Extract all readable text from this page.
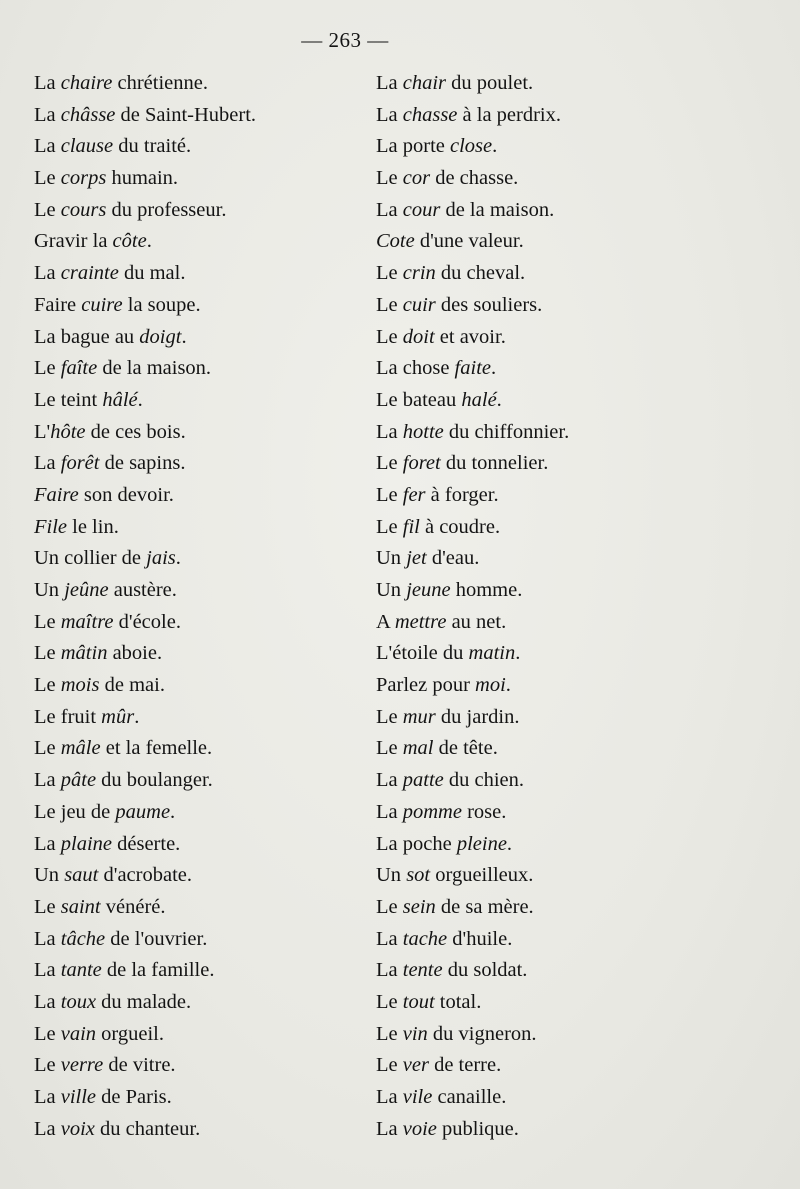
— 263 —
La chaire chrétienne.
La châsse de Saint-Hubert.
La clause du traité.
Le corps humain.
Le cours du professeur.
Gravir la côte.
La crainte du mal.
Faire cuire la soupe.
La bague au doigt.
Le faîte de la maison.
Le teint hâlé.
L'hôte de ces bois.
La forêt de sapins.
Faire son devoir.
File le lin.
Un collier de jais.
Un jeûne austère.
Le maître d'école.
Le mâtin aboie.
Le mois de mai.
Le fruit mûr.
Le mâle et la femelle.
La pâte du boulanger.
Le jeu de paume.
La plaine déserte.
Un saut d'acrobate.
Le saint vénéré.
La tâche de l'ouvrier.
La tante de la famille.
La toux du malade.
Le vain orgueil.
Le verre de vitre.
La ville de Paris.
La voix du chanteur.
La chair du poulet.
La chasse à la perdrix.
La porte close.
Le cor de chasse.
La cour de la maison.
Cote d'une valeur.
Le crin du cheval.
Le cuir des souliers.
Le doit et avoir.
La chose faite.
Le bateau halé.
La hotte du chiffonnier.
Le foret du tonnelier.
Le fer à forger.
Le fil à coudre.
Un jet d'eau.
Un jeune homme.
A mettre au net.
L'étoile du matin.
Parlez pour moi.
Le mur du jardin.
Le mal de tête.
La patte du chien.
La pomme rose.
La poche pleine.
Un sot orgueilleux.
Le sein de sa mère.
La tache d'huile.
La tente du soldat.
Le tout total.
Le vin du vigneron.
Le ver de terre.
La vile canaille.
La voie publique.
